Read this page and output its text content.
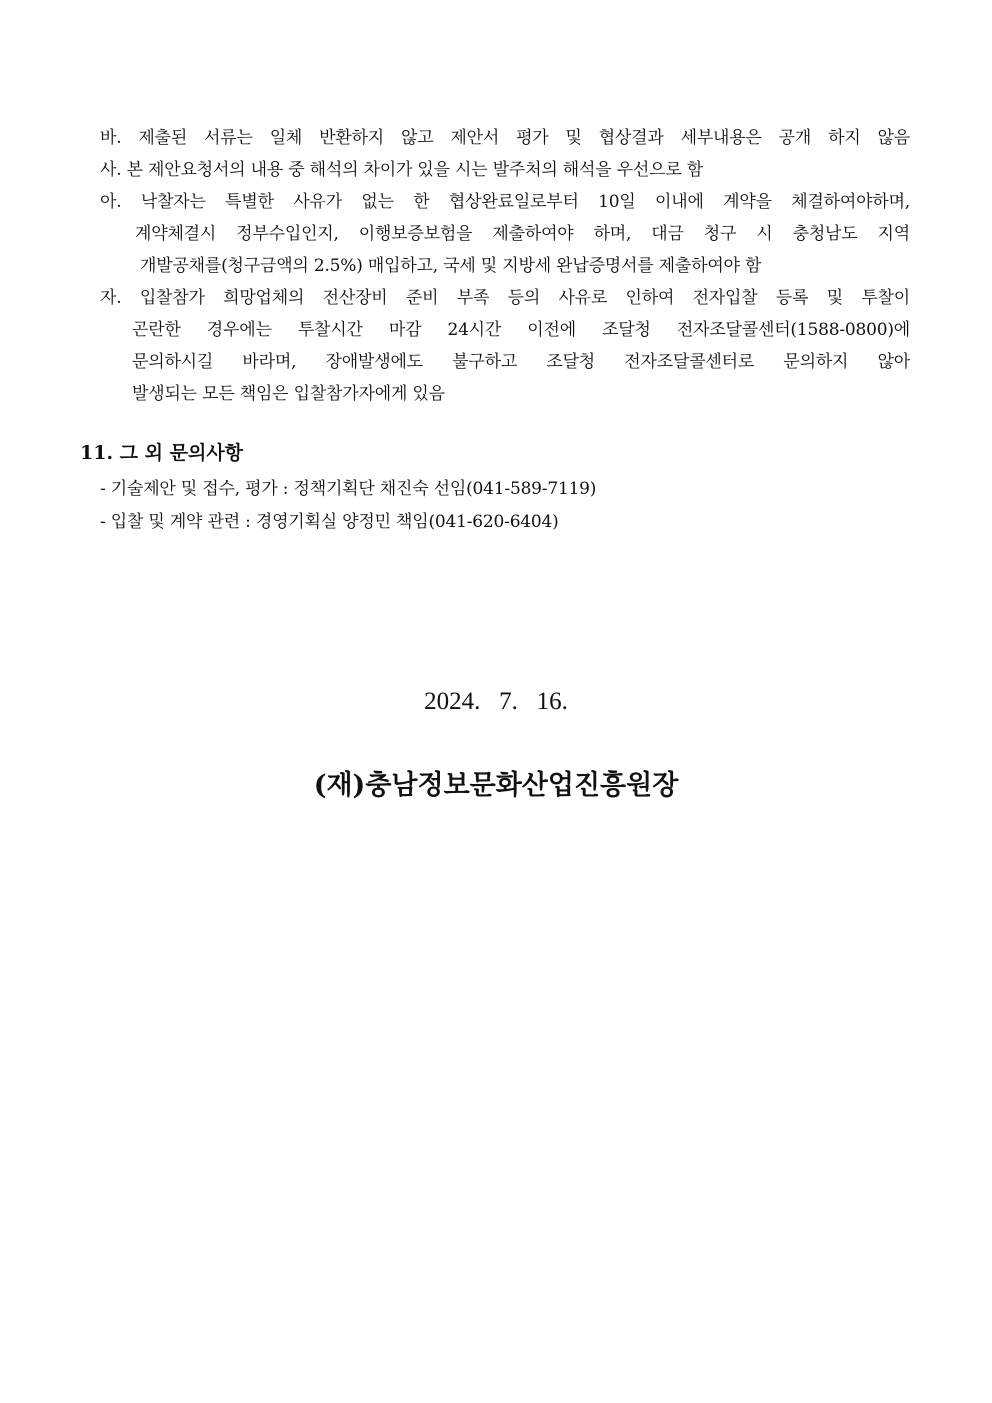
바. 제출된 서류는 일체 반환하지 않고 제안서 평가 및 협상결과 세부내용은 공개 하지 않음
사. 본 제안요청서의 내용 중 해석의 차이가 있을 시는 발주처의 해석을 우선으로 함
아. 낙찰자는 특별한 사유가 없는 한 협상완료일로부터 10일 이내에 계약을 체결하여야하며,
계약체결시 정부수입인지, 이행보증보험을 제출하여야 하며, 대금 청구 시 충청남도 지역
개발공채를(청구금액의 2.5%) 매입하고, 국세 및 지방세 완납증명서를 제출하여야 함
자. 입찰참가 희망업체의 전산장비 준비 부족 등의 사유로 인하여 전자입찰 등록 및 투찰이
곤란한 경우에는 투찰시간 마감 24시간 이전에 조달청 전자조달콜센터(1588-0800)에
문의하시길 바라며, 장애발생에도 불구하고 조달청 전자조달콜센터로 문의하지 않아
발생되는 모든 책임은 입찰참가자에게 있음
11. 그 외 문의사항
- 기술제안 및 접수, 평가 : 정책기획단 채진숙 선임(041-589-7119)
- 입찰 및 계약 관련 : 경영기획실 양정민 책임(041-620-6404)
2024.   7.   16.
(재)충남정보문화산업진흥원장
